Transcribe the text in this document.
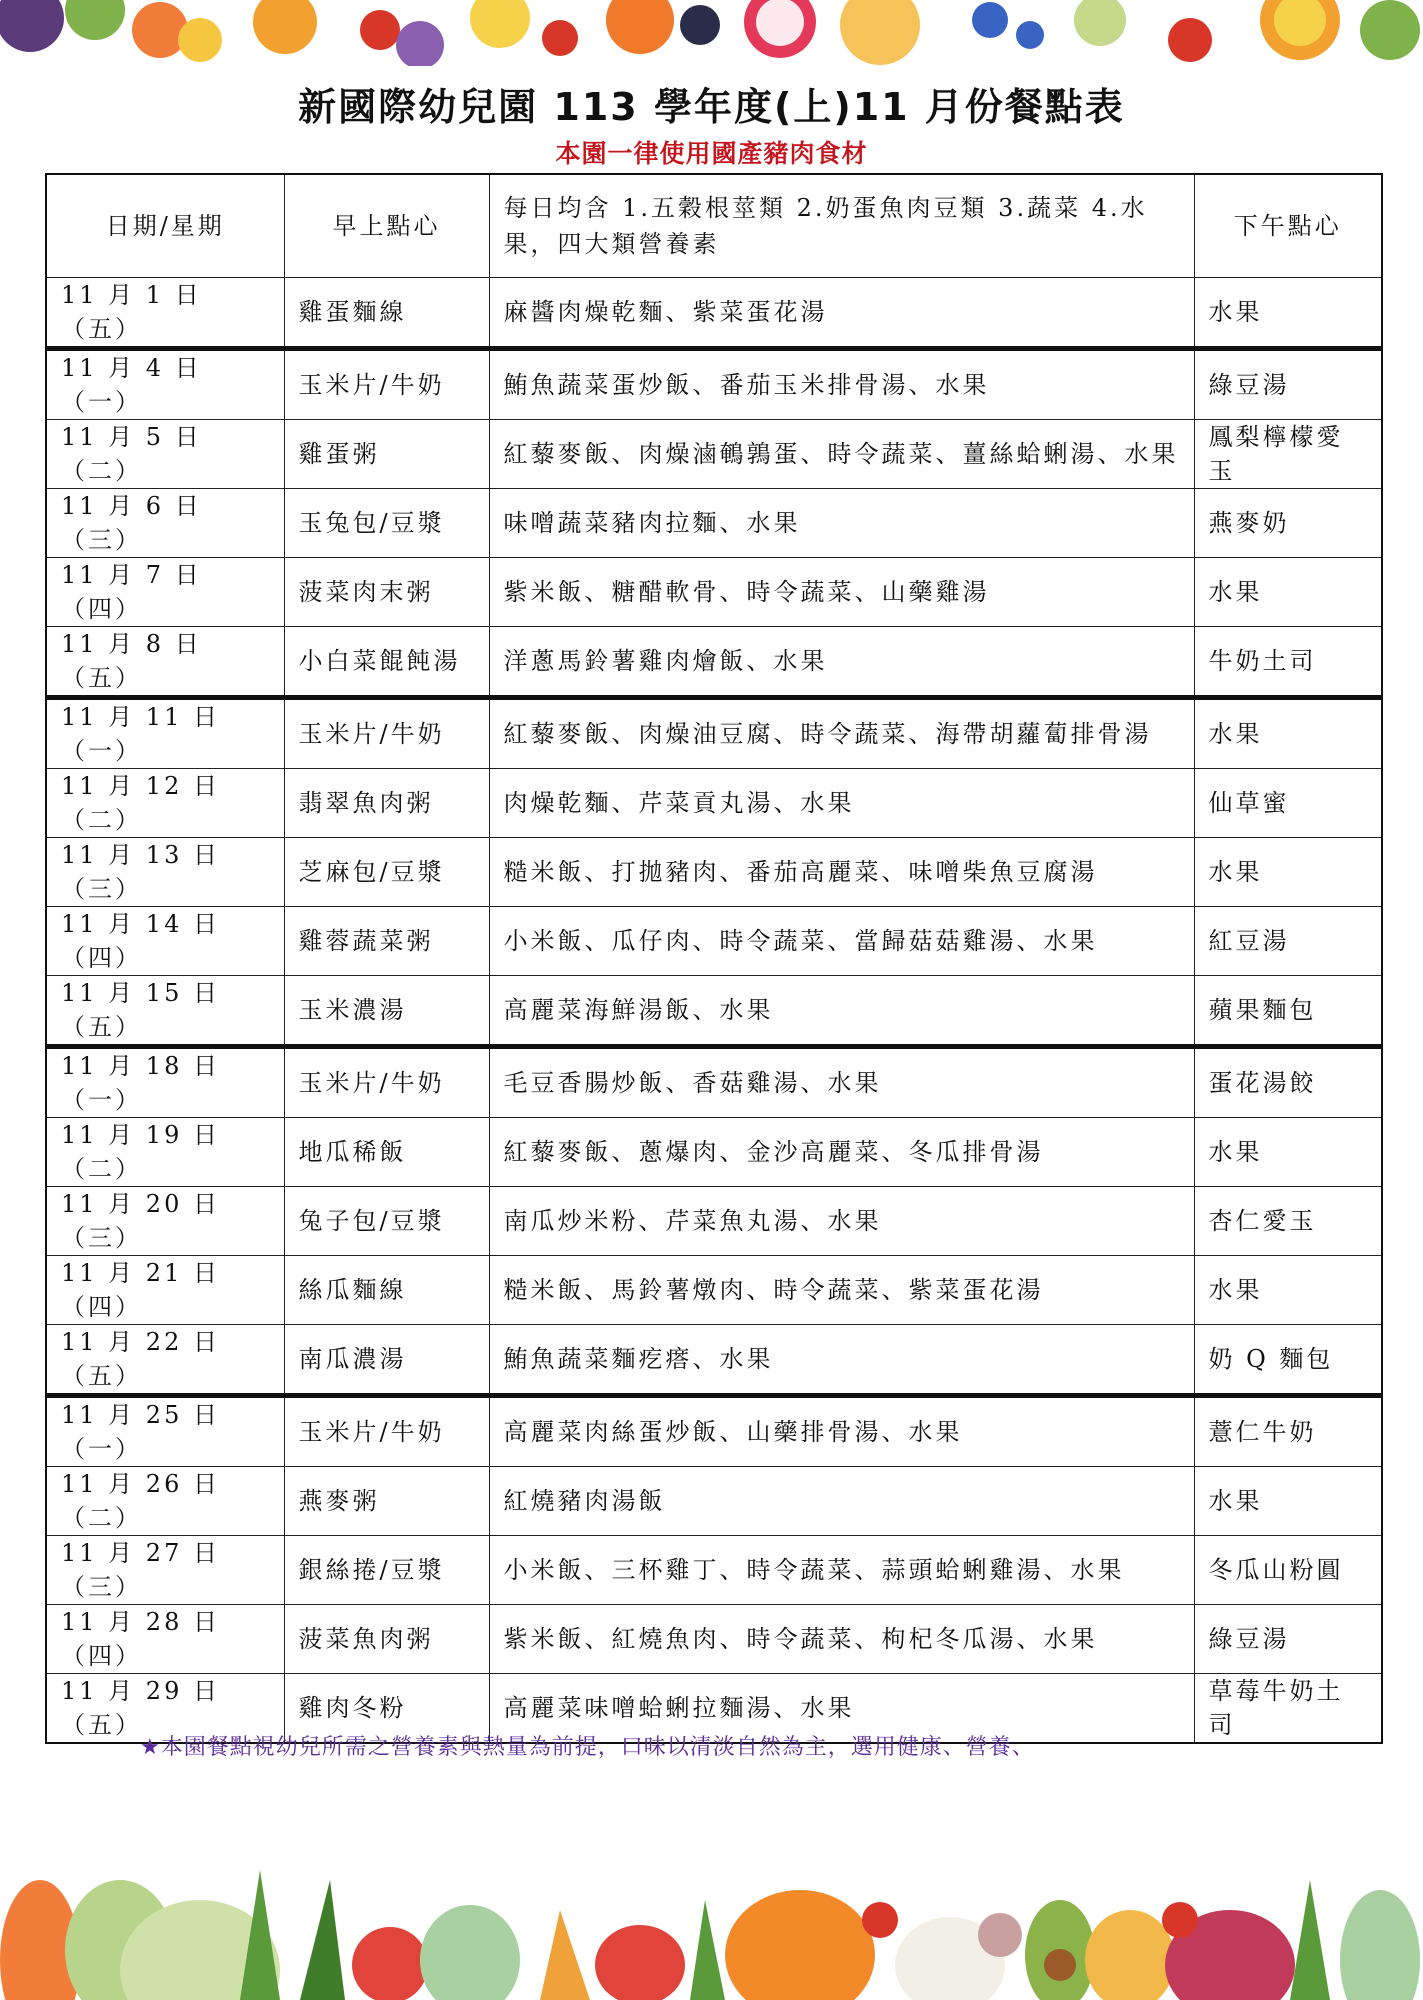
新國際幼兒園 113 學年度(上)11 月份餐點表
本園一律使用國產豬肉食材
日期/星期	早上點心	每日均含 1.五穀根莖類 2.奶蛋魚肉豆類 3.蔬菜 4.水果，四大類營養素	下午點心
11 月 1 日（五）	雞蛋麵線	麻醬肉燥乾麵、紫菜蛋花湯	水果
11 月 4 日（一）	玉米片/牛奶	鮪魚蔬菜蛋炒飯、番茄玉米排骨湯、水果	綠豆湯
11 月 5 日（二）	雞蛋粥	紅藜麥飯、肉燥滷鵪鶉蛋、時令蔬菜、薑絲蛤蜊湯、水果	鳳梨檸檬愛玉
11 月 6 日（三）	玉兔包/豆漿	味噌蔬菜豬肉拉麵、水果	燕麥奶
11 月 7 日（四）	菠菜肉末粥	紫米飯、糖醋軟骨、時令蔬菜、山藥雞湯	水果
11 月 8 日（五）	小白菜餛飩湯	洋蔥馬鈴薯雞肉燴飯、水果	牛奶土司
11 月 11 日（一）	玉米片/牛奶	紅藜麥飯、肉燥油豆腐、時令蔬菜、海帶胡蘿蔔排骨湯	水果
11 月 12 日（二）	翡翠魚肉粥	肉燥乾麵、芹菜貢丸湯、水果	仙草蜜
11 月 13 日（三）	芝麻包/豆漿	糙米飯、打拋豬肉、番茄高麗菜、味噌柴魚豆腐湯	水果
11 月 14 日（四）	雞蓉蔬菜粥	小米飯、瓜仔肉、時令蔬菜、當歸菇菇雞湯、水果	紅豆湯
11 月 15 日（五）	玉米濃湯	高麗菜海鮮湯飯、水果	蘋果麵包
11 月 18 日（一）	玉米片/牛奶	毛豆香腸炒飯、香菇雞湯、水果	蛋花湯餃
11 月 19 日（二）	地瓜稀飯	紅藜麥飯、蔥爆肉、金沙高麗菜、冬瓜排骨湯	水果
11 月 20 日（三）	兔子包/豆漿	南瓜炒米粉、芹菜魚丸湯、水果	杏仁愛玉
11 月 21 日（四）	絲瓜麵線	糙米飯、馬鈴薯燉肉、時令蔬菜、紫菜蛋花湯	水果
11 月 22 日（五）	南瓜濃湯	鮪魚蔬菜麵疙瘩、水果	奶 Q 麵包
11 月 25 日（一）	玉米片/牛奶	高麗菜肉絲蛋炒飯、山藥排骨湯、水果	薏仁牛奶
11 月 26 日（二）	燕麥粥	紅燒豬肉湯飯	水果
11 月 27 日（三）	銀絲捲/豆漿	小米飯、三杯雞丁、時令蔬菜、蒜頭蛤蜊雞湯、水果	冬瓜山粉圓
11 月 28 日（四）	菠菜魚肉粥	紫米飯、紅燒魚肉、時令蔬菜、枸杞冬瓜湯、水果	綠豆湯
11 月 29 日（五）	雞肉冬粉	高麗菜味噌蛤蜊拉麵湯、水果	草莓牛奶土司
★本園餐點視幼兒所需之營養素與熱量為前提，口味以清淡自然為主，選用健康、營養、
